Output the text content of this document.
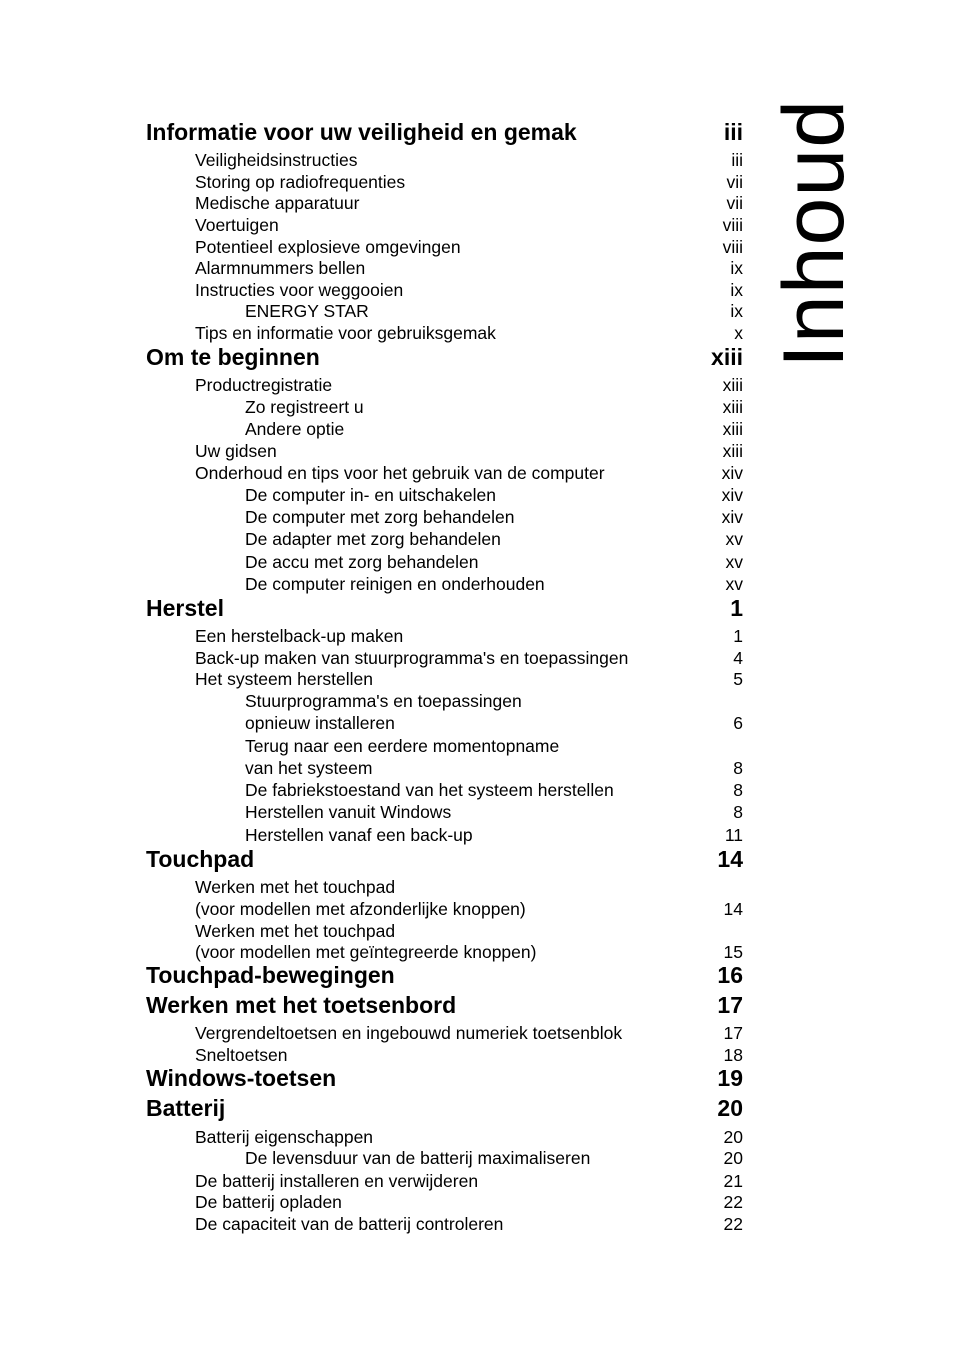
Inhoud
Informatie voor uw veiligheid en gemak	iii
Veiligheidsinstructies	iii
Storing op radiofrequenties	vii
Medische apparatuur	vii
Voertuigen	viii
Potentieel explosieve omgevingen	viii
Alarmnummers bellen	ix
Instructies voor weggooien	ix
ENERGY STAR	ix
Tips en informatie voor gebruiksgemak	x
Om te beginnen	xiii
Productregistratie	xiii
Zo registreert u	xiii
Andere optie	xiii
Uw gidsen	xiii
Onderhoud en tips voor het gebruik van de computer	xiv
De computer in- en uitschakelen	xiv
De computer met zorg behandelen	xiv
De adapter met zorg behandelen	xv
De accu met zorg behandelen	xv
De computer reinigen en onderhouden	xv
Herstel	1
Een herstelback-up maken	1
Back-up maken van stuurprogramma's en toepassingen	4
Het systeem herstellen	5
Stuurprogramma's en toepassingen
opnieuw installeren	6
Terug naar een eerdere momentopname
van het systeem	8
De fabriekstoestand van het systeem herstellen	8
Herstellen vanuit Windows	8
Herstellen vanaf een back-up	11
Touchpad	14
Werken met het touchpad
(voor modellen met afzonderlijke knoppen)	14
Werken met het touchpad
(voor modellen met geïntegreerde knoppen)	15
Touchpad-bewegingen	16
Werken met het toetsenbord	17
Vergrendeltoetsen en ingebouwd numeriek toetsenblok	17
Sneltoetsen	18
Windows-toetsen	19
Batterij	20
Batterij eigenschappen	20
De levensduur van de batterij maximaliseren	20
De batterij installeren en verwijderen	21
De batterij opladen	22
De capaciteit van de batterij controleren	22
